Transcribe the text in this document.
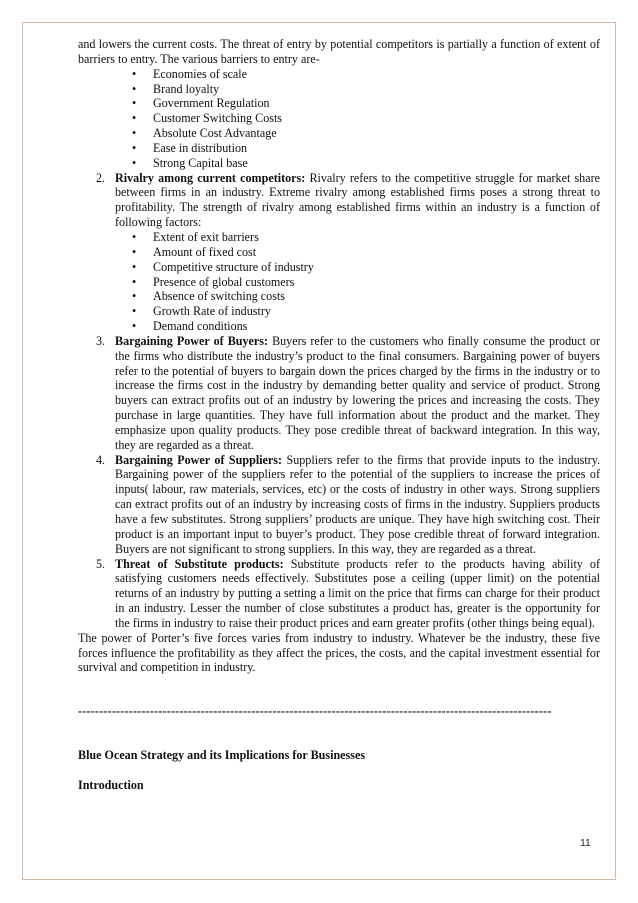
and lowers the current costs. The threat of entry by potential competitors is partially a function of extent of barriers to entry. The various barriers to entry are-

• Economies of scale
• Brand loyalty
• Government Regulation
• Customer Switching Costs
• Absolute Cost Advantage
• Ease in distribution
• Strong Capital base
2. Rivalry among current competitors: Rivalry refers to the competitive struggle for market share between firms in an industry. Extreme rivalry among established firms poses a strong threat to profitability. The strength of rivalry among established firms within an industry is a function of following factors:

• Extent of exit barriers
• Amount of fixed cost
• Competitive structure of industry
• Presence of global customers
• Absence of switching costs
• Growth Rate of industry
• Demand conditions
3. Bargaining Power of Buyers: Buyers refer to the customers who finally consume the product or the firms who distribute the industry’s product to the final consumers. Bargaining power of buyers refer to the potential of buyers to bargain down the prices charged by the firms in the industry or to increase the firms cost in the industry by demanding better quality and service of product. Strong buyers can extract profits out of an industry by lowering the prices and increasing the costs. They purchase in large quantities. They have full information about the product and the market. They emphasize upon quality products. They pose credible threat of backward integration. In this way, they are regarded as a threat.

4. Bargaining Power of Suppliers: Suppliers refer to the firms that provide inputs to the industry. Bargaining power of the suppliers refer to the potential of the suppliers to increase the prices of inputs( labour, raw materials, services, etc) or the costs of industry in other ways. Strong suppliers can extract profits out of an industry by increasing costs of firms in the industry. Suppliers products have a few substitutes. Strong suppliers’ products are unique. They have high switching cost. Their product is an important input to buyer’s product. They pose credible threat of forward integration. Buyers are not significant to strong suppliers. In this way, they are regarded as a threat.

5. Threat of Substitute products: Substitute products refer to the products having ability of satisfying customers needs effectively. Substitutes pose a ceiling (upper limit) on the potential returns of an industry by putting a setting a limit on the price that firms can charge for their product in an industry. Lesser the number of close substitutes a product has, greater is the opportunity for the firms in industry to raise their product prices and earn greater profits (other things being equal).

The power of Porter’s five forces varies from industry to industry. Whatever be the industry, these five forces influence the profitability as they affect the prices, the costs, and the capital investment essential for survival and competition in industry.

----------------------------------------------------------------------------------------------------------------
Blue Ocean Strategy and its Implications for Businesses
Introduction
11
